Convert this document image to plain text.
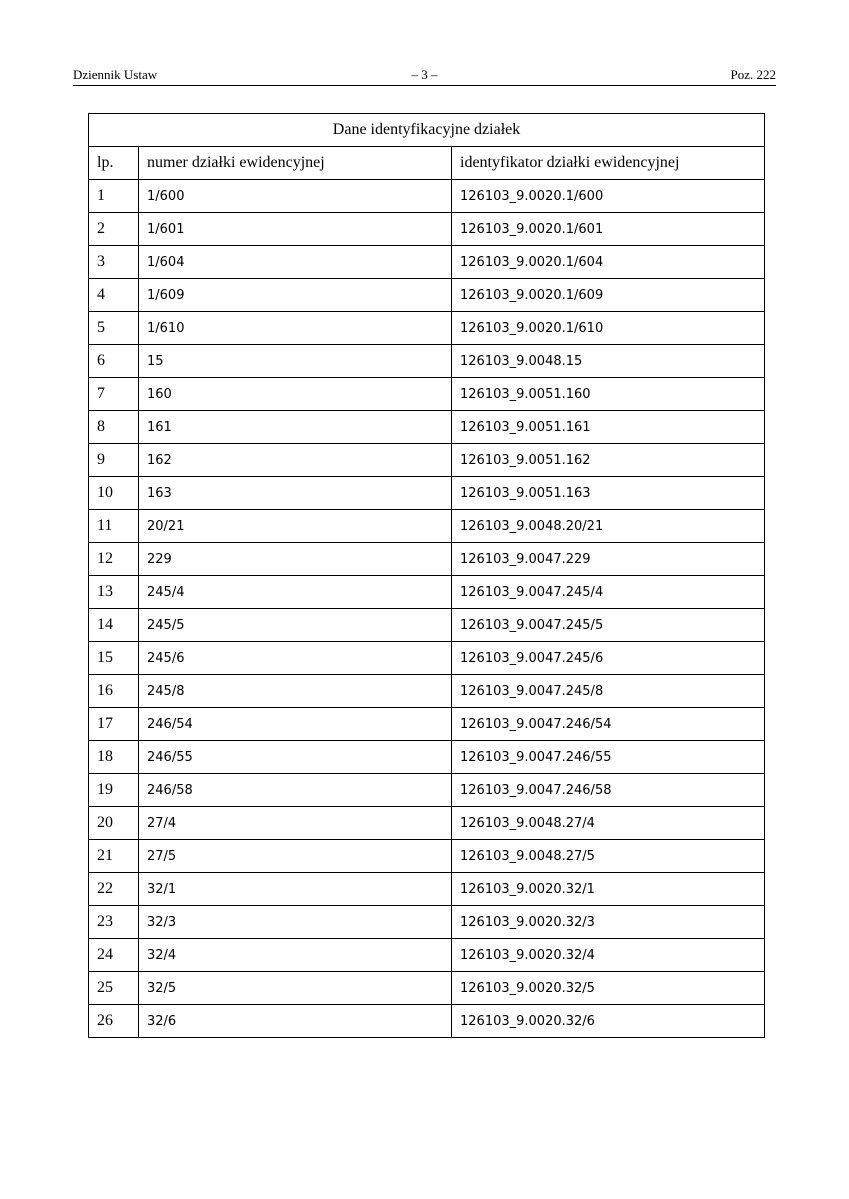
Dziennik Ustaw	– 3 –	Poz. 222
Dane identyfikacyjne działek		
lp.	numer działki ewidencyjnej	identyfikator działki ewidencyjnej
1	1/600	126103_9.0020.1/600
2	1/601	126103_9.0020.1/601
3	1/604	126103_9.0020.1/604
4	1/609	126103_9.0020.1/609
5	1/610	126103_9.0020.1/610
6	15	126103_9.0048.15
7	160	126103_9.0051.160
8	161	126103_9.0051.161
9	162	126103_9.0051.162
10	163	126103_9.0051.163
11	20/21	126103_9.0048.20/21
12	229	126103_9.0047.229
13	245/4	126103_9.0047.245/4
14	245/5	126103_9.0047.245/5
15	245/6	126103_9.0047.245/6
16	245/8	126103_9.0047.245/8
17	246/54	126103_9.0047.246/54
18	246/55	126103_9.0047.246/55
19	246/58	126103_9.0047.246/58
20	27/4	126103_9.0048.27/4
21	27/5	126103_9.0048.27/5
22	32/1	126103_9.0020.32/1
23	32/3	126103_9.0020.32/3
24	32/4	126103_9.0020.32/4
25	32/5	126103_9.0020.32/5
26	32/6	126103_9.0020.32/6
